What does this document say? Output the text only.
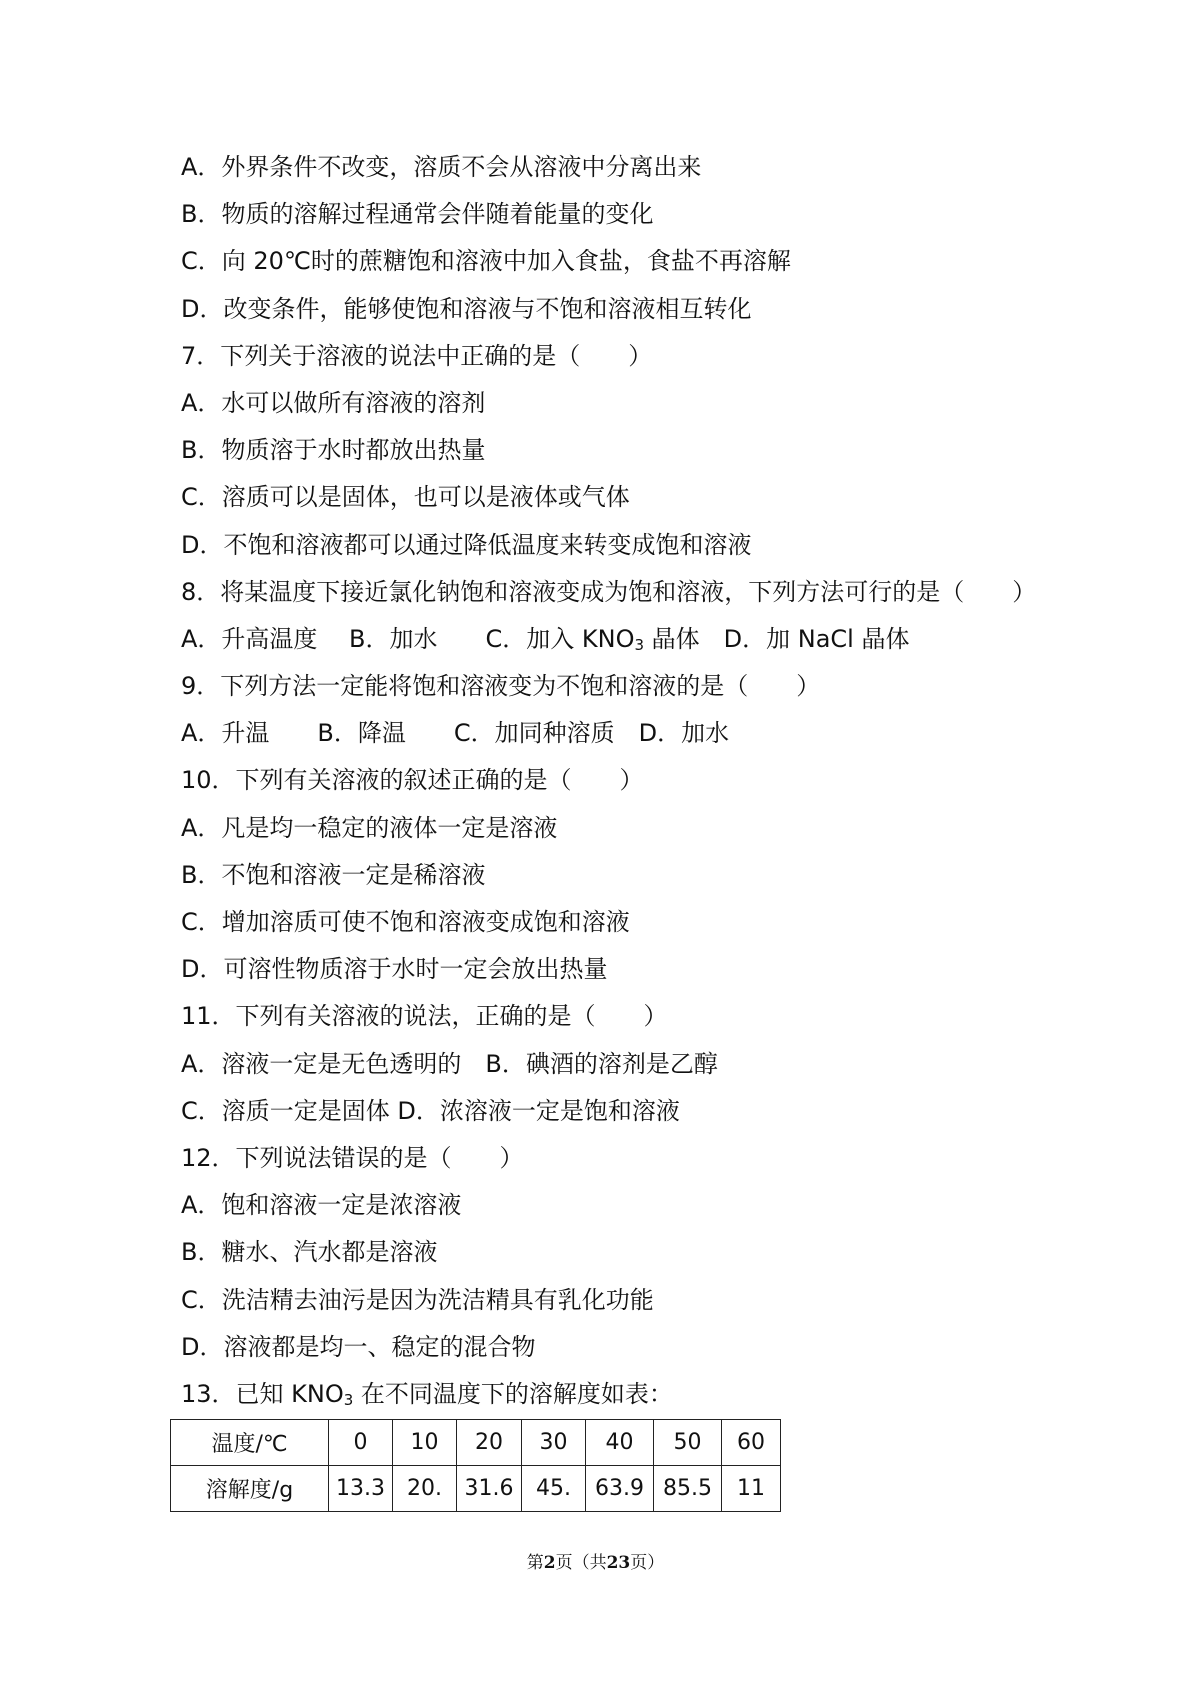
A．外界条件不改变，溶质不会从溶液中分离出来
B．物质的溶解过程通常会伴随着能量的变化
C．向 20℃时的蔗糖饱和溶液中加入食盐，食盐不再溶解
D．改变条件，能够使饱和溶液与不饱和溶液相互转化
7．下列关于溶液的说法中正确的是（　　）
A．水可以做所有溶液的溶剂
B．物质溶于水时都放出热量
C．溶质可以是固体，也可以是液体或气体
D．不饱和溶液都可以通过降低温度来转变成饱和溶液
8．将某温度下接近氯化钠饱和溶液变成为饱和溶液，下列方法可行的是（　　）
A．升高温度　 B．加水　　C．加入 $KNO_3$ 晶体　D．加 NaCl 晶体
9．下列方法一定能将饱和溶液变为不饱和溶液的是（　　）
A．升温　　B．降温　　C．加同种溶质　D．加水
10．下列有关溶液的叙述正确的是（　　）
A．凡是均一稳定的液体一定是溶液
B．不饱和溶液一定是稀溶液
C．增加溶质可使不饱和溶液变成饱和溶液
D．可溶性物质溶于水时一定会放出热量
11．下列有关溶液的说法，正确的是（　　）
A．溶液一定是无色透明的　B．碘酒的溶剂是乙醇
C．溶质一定是固体 D．浓溶液一定是饱和溶液
12．下列说法错误的是（　　）
A．饱和溶液一定是浓溶液
B．糖水、汽水都是溶液
C．洗洁精去油污是因为洗洁精具有乳化功能
D．溶液都是均一、稳定的混合物
13．已知 $KNO_3$ 在不同温度下的溶解度如表：
温度/℃	0	10	20	30	40	50	60
溶解度/g	13.3	20.	31.6	45.	63.9	85.5	11
第2页（共23页）
